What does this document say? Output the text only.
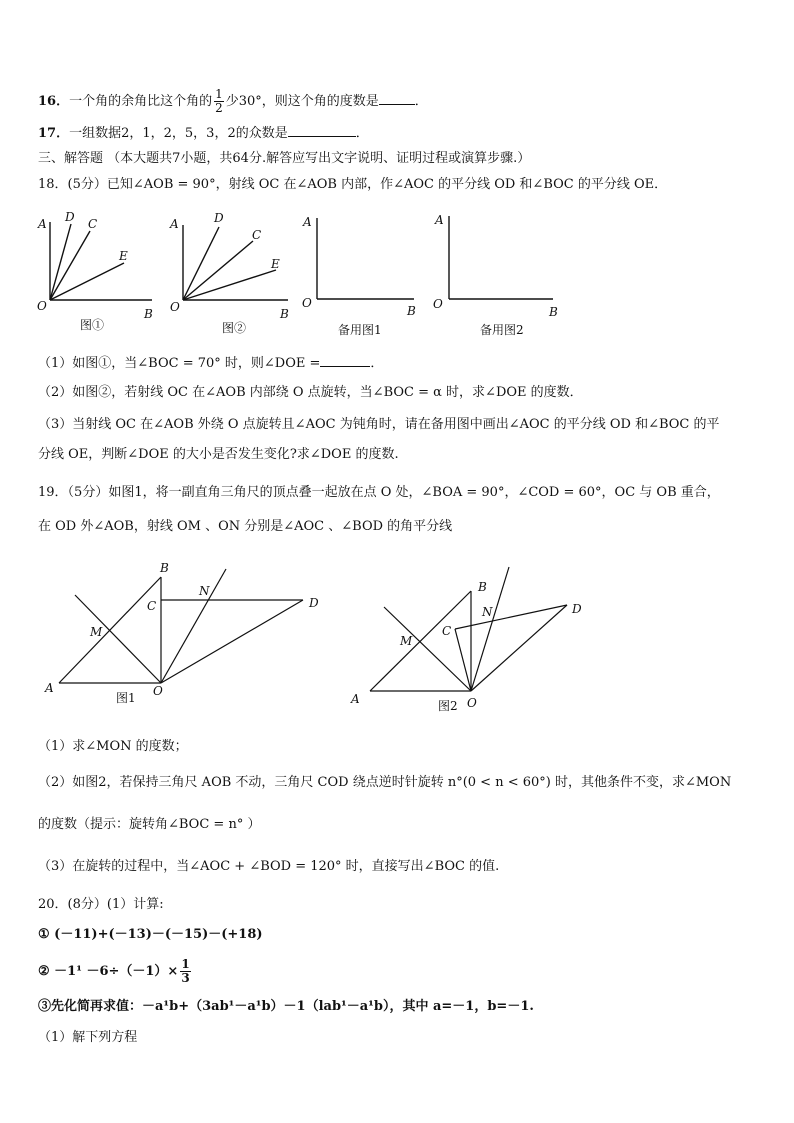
16．一个角的余角比这个角的 $\frac{1}{2}$ 少30°，则这个角的度数是	．
17．一组数据2，1，2，5，3，2的众数是	．
三、解答题 （本大题共7小题，共64分.解答应写出文字说明、证明过程或演算步骤.）
18．(5分）已知∠AOB = 90°，射线 OC 在∠AOB 内部，作∠AOC 的平分线 OD 和∠BOC 的平分线 OE．
A D C
E
O
B
图①
A	D
C
E
O	B
图②
A
O
B
备用图1
A
O
B
备用图2
（1）如图①，当∠BOC = 70° 时，则∠DOE =	．
（2）如图②，若射线 OC 在∠AOB 内部绕 O 点旋转，当∠BOC = α 时，求∠DOE 的度数．
（3）当射线 OC 在∠AOB 外绕 O 点旋转且∠AOC 为钝角时，请在备用图中画出∠AOC 的平分线 OD 和∠BOC 的平
分线 OE，判断∠DOE 的大小是否发生变化?求∠DOE 的度数.
19．（5分）如图1，将一副直角三角尺的顶点叠一起放在点 O 处，∠BOA = 90°，∠COD = 60°，OC 与 OB 重合，
在 OD 外∠AOB，射线 OM 、ON 分别是∠AOC 、∠BOD 的角平分线
B
C
N
D
M
A	O
图1
B
C
N	D
M
A	O
图2
（1）求∠MON 的度数；
（2）如图2，若保持三角尺 AOB 不动，三角尺 COD 绕点逆时针旋转 n°(0 < n < 60°) 时，其他条件不变，求∠MON
的度数（提示：旋转角∠BOC = n° ）
（3）在旋转的过程中，当∠AOC + ∠BOD = 120° 时，直接写出∠BOC 的值.
20．(8分）(1）计算:
① (－11)+(－13)－(－15)－(+18)
② $-1^1 -6\div(-1)\times \frac{1}{3}$
③先化简再求值：－a¹b+（3ab¹－a¹b）－1（lab¹－a¹b），其中 a=－1，b=－1.
（1）解下列方程
